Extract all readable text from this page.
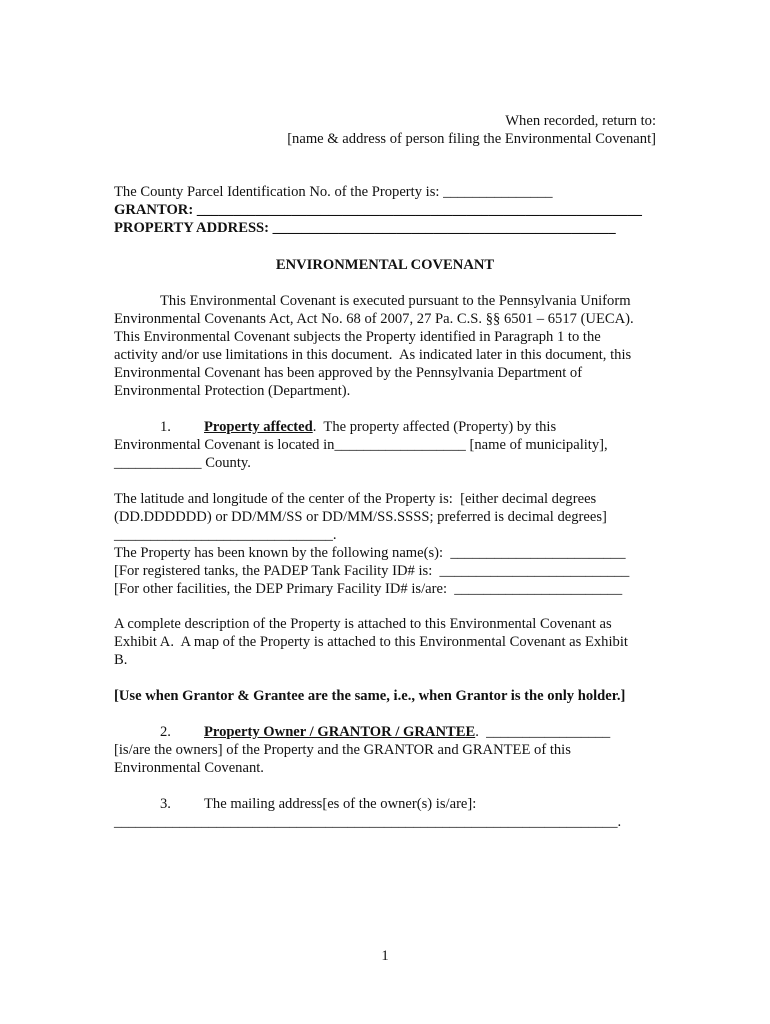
When recorded, return to:
[name & address of person filing the Environmental Covenant]
The County Parcel Identification No. of the Property is: _______________
GRANTOR: _____________________________________________________________
PROPERTY ADDRESS: _______________________________________________
ENVIRONMENTAL COVENANT
This Environmental Covenant is executed pursuant to the Pennsylvania Uniform
Environmental Covenants Act, Act No. 68 of 2007, 27 Pa. C.S. §§ 6501 – 6517 (UECA).
This Environmental Covenant subjects the Property identified in Paragraph 1 to the
activity and/or use limitations in this document.  As indicated later in this document, this
Environmental Covenant has been approved by the Pennsylvania Department of
Environmental Protection (Department).
1. Property affected.  The property affected (Property) by this
Environmental Covenant is located in__________________ [name of municipality],
____________ County.
The latitude and longitude of the center of the Property is:  [either decimal degrees
(DD.DDDDDD) or DD/MM/SS or DD/MM/SS.SSSS; preferred is decimal degrees]
______________________________.
The Property has been known by the following name(s):  ________________________
[For registered tanks, the PADEP Tank Facility ID# is:  __________________________
[For other facilities, the DEP Primary Facility ID# is/are:  _______________________
A complete description of the Property is attached to this Environmental Covenant as
Exhibit A.  A map of the Property is attached to this Environmental Covenant as Exhibit
B.
[Use when Grantor & Grantee are the same, i.e., when Grantor is the only holder.]
2. Property Owner / GRANTOR / GRANTEE.  _________________
[is/are the owners] of the Property and the GRANTOR and GRANTEE of this
Environmental Covenant.
3. The mailing address[es of the owner(s) is/are]:
_____________________________________________________________________.
1
